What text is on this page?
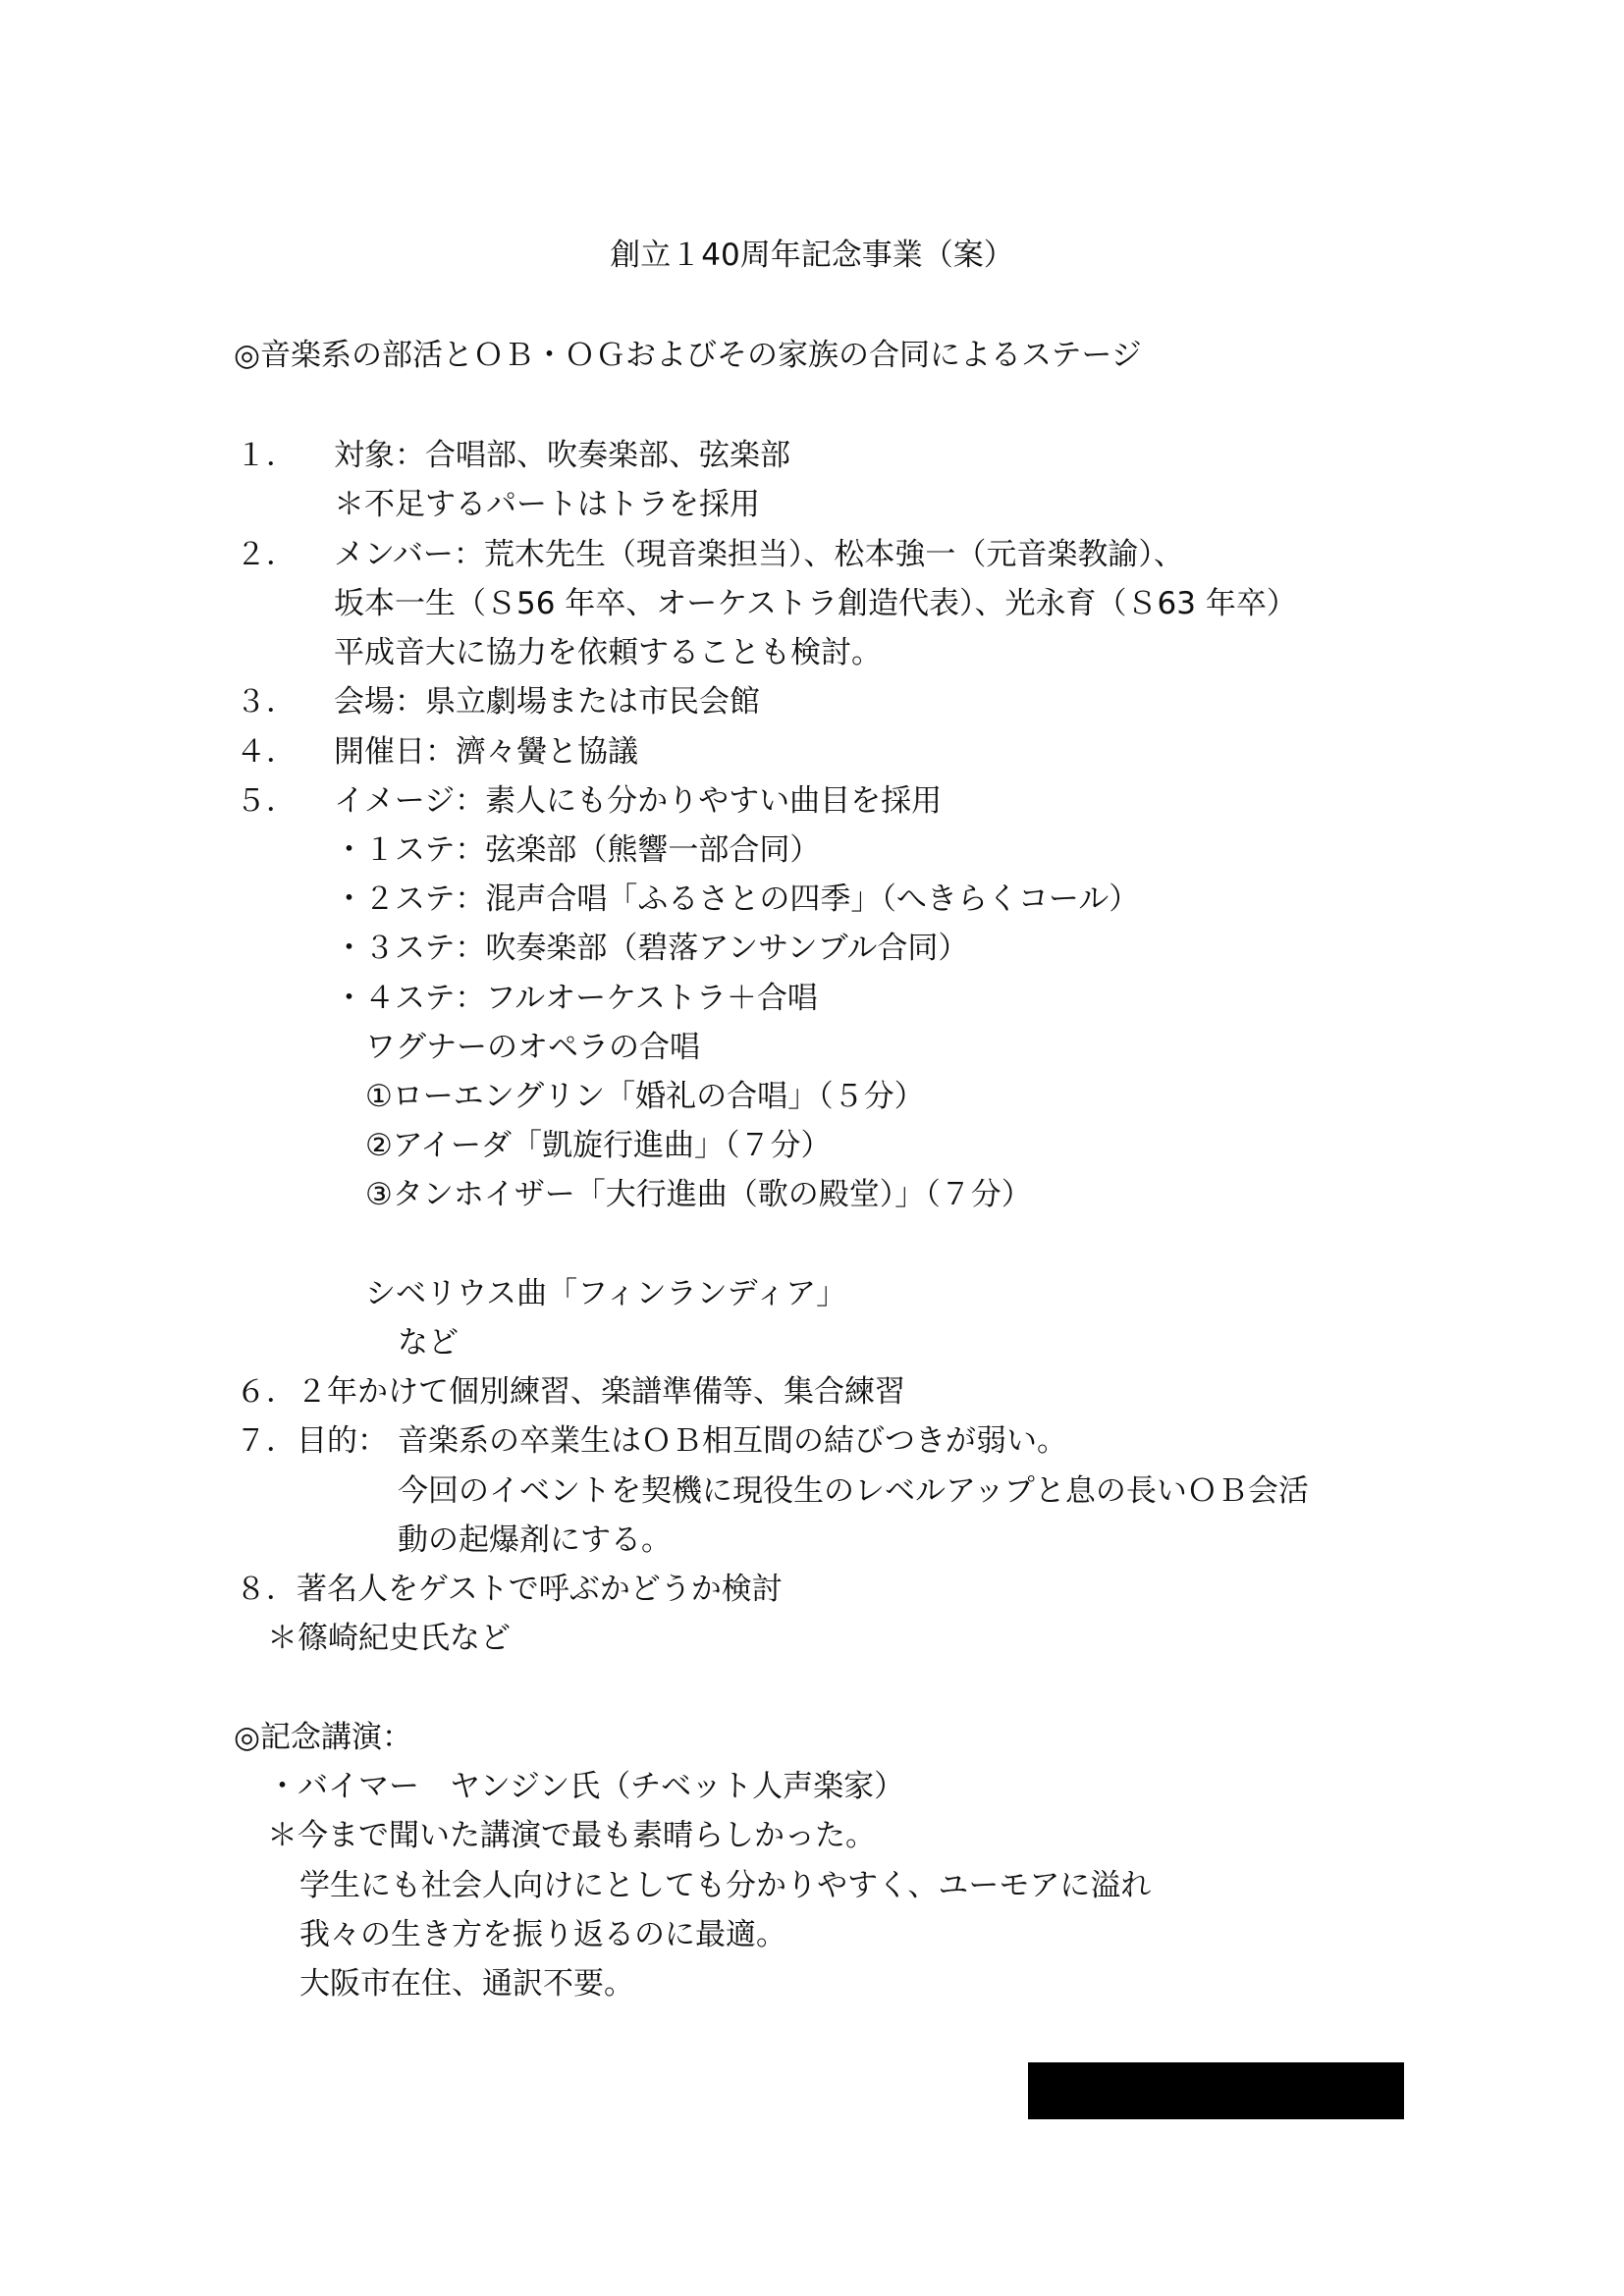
創立１40周年記念事業（案）
◎音楽系の部活とＯＢ・ＯＧおよびその家族の合同によるステージ
１． 対象：合唱部、吹奏楽部、弦楽部
＊不足するパートはトラを採用
２． メンバー：荒木先生（現音楽担当）、松本強一（元音楽教諭）、
坂本一生（Ｓ56 年卒、オーケストラ創造代表）、光永育（Ｓ63 年卒）
平成音大に協力を依頼することも検討。
３． 会場：県立劇場または市民会館
４． 開催日：濟々黌と協議
５． イメージ：素人にも分かりやすい曲目を採用
・１ステ：弦楽部（熊響一部合同）
・２ステ：混声合唱「ふるさとの四季」（へきらくコール）
・３ステ：吹奏楽部（碧落アンサンブル合同）
・４ステ：フルオーケストラ＋合唱
ワグナーのオペラの合唱
①ローエングリン「婚礼の合唱」（５分）
②アイーダ「凱旋行進曲」（７分）
③タンホイザー「大行進曲（歌の殿堂）」（７分）
シベリウス曲「フィンランディア」
など
６．２年かけて個別練習、楽譜準備等、集合練習
７．目的： 音楽系の卒業生はＯＢ相互間の結びつきが弱い。
今回のイベントを契機に現役生のレベルアップと息の長いＯＢ会活
動の起爆剤にする。
８．著名人をゲストで呼ぶかどうか検討
＊篠崎紀史氏など
◎記念講演：
・バイマー　ヤンジン氏（チベット人声楽家）
＊今まで聞いた講演で最も素晴らしかった。
学生にも社会人向けにとしても分かりやすく、ユーモアに溢れ
我々の生き方を振り返るのに最適。
大阪市在住、通訳不要。
